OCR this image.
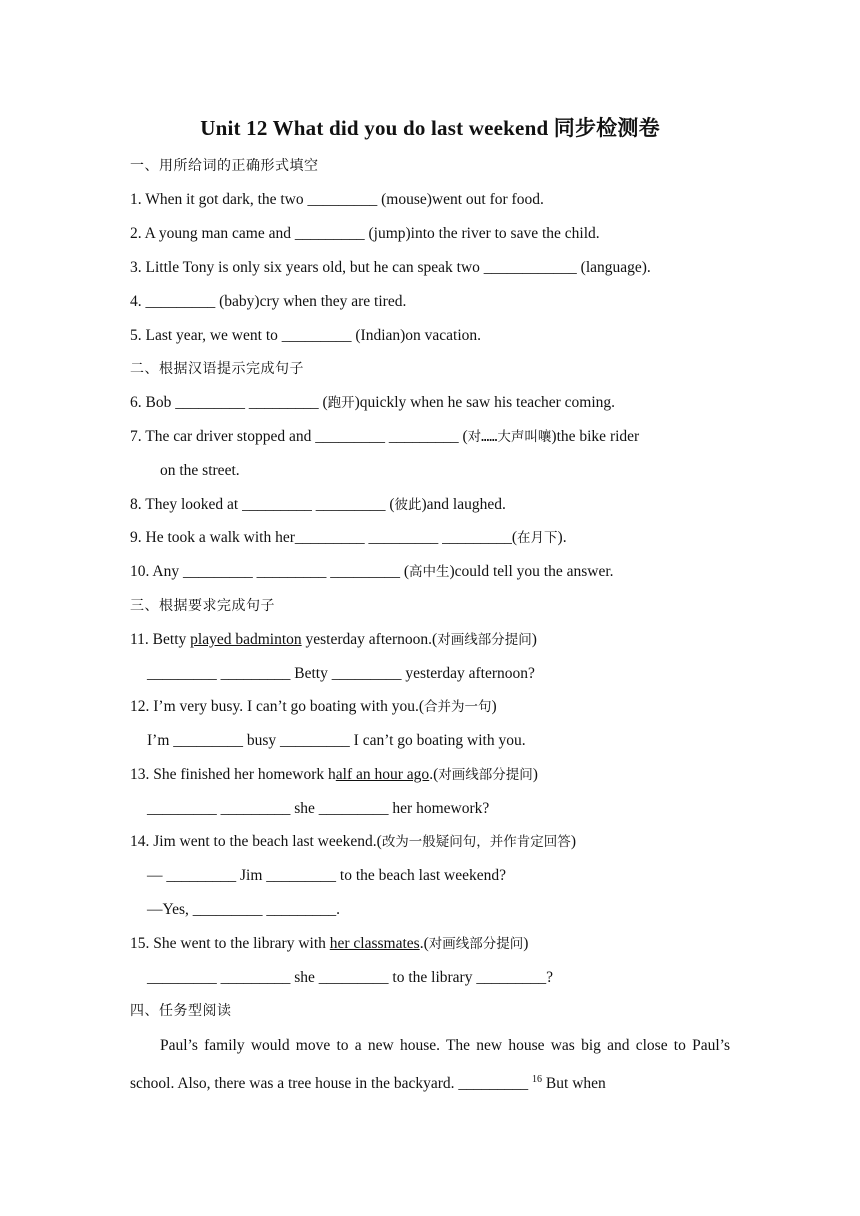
Unit 12 What did you do last weekend 同步检测卷
一、用所给词的正确形式填空
1. When it got dark, the two _________ (mouse)went out for food.
2. A young man came and _________ (jump)into the river to save the child.
3. Little Tony is only six years old, but he can speak two ____________ (language).
4. _________ (baby)cry when they are tired.
5. Last year, we went to _________ (Indian)on vacation.
二、根据汉语提示完成句子
6. Bob _________ _________ (跑开)quickly when he saw his teacher coming.
7. The car driver stopped and _________ _________ (对……大声叫嚷)the bike rider
on the street.
8. They looked at _________ _________ (彼此)and laughed.
9. He took a walk with her_________ _________ _________(在月下).
10. Any _________ _________ _________ (高中生)could tell you the answer.
三、根据要求完成句子
11. Betty played badminton yesterday afternoon.(对画线部分提问)
_________ _________ Betty _________ yesterday afternoon?
12. I’m very busy. I can’t go boating with you.(合并为一句)
I’m _________ busy _________ I can’t go boating with you.
13. She finished her homework half an hour ago.(对画线部分提问)
_________ _________ she _________ her homework?
14. Jim went to the beach last weekend.(改为一般疑问句，并作肯定回答)
— _________ Jim _________ to the beach last weekend?
—Yes, _________ _________.
15. She went to the library with her classmates.(对画线部分提问)
_________ _________ she _________ to the library _________?
四、任务型阅读
Paul’s family would move to a new house. The new house was big and close to Paul’s school. Also, there was a tree house in the backyard. _________ $^{16}$ But when
